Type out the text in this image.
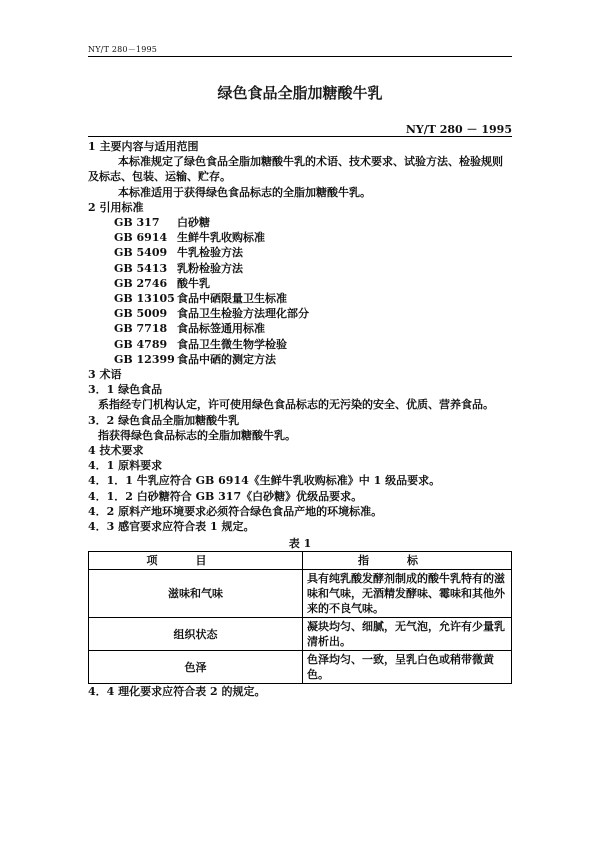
NY/T 280－1995
绿色食品全脂加糖酸牛乳
NY/T 280 － 1995
1 主要内容与适用范围
本标准规定了绿色食品全脂加糖酸牛乳的术语、技术要求、试验方法、检验规则及标志、包装、运输、贮存。
本标准适用于获得绿色食品标志的全脂加糖酸牛乳。
2 引用标准
GB 317	白砂糖
GB 6914 生鲜牛乳收购标准
GB 5409 牛乳检验方法
GB 5413 乳粉检验方法
GB 2746 酸牛乳
GB 13105 食品中硒限量卫生标准
GB 5009 食品卫生检验方法理化部分
GB 7718 食品标签通用标准
GB 4789 食品卫生微生物学检验
GB 12399 食品中硒的测定方法
3 术语
3．1 绿色食品
系指经专门机构认定，许可使用绿色食品标志的无污染的安全、优质、营养食品。
3．2 绿色食品全脂加糖酸牛乳
指获得绿色食品标志的全脂加糖酸牛乳。
4 技术要求
4．1 原料要求
4．1．1 牛乳应符合 GB 6914《生鲜牛乳收购标准》中 1 级品要求。
4．1．2 白砂糖符合 GB 317《白砂糖》优级品要求。
4．2 原料产地环境要求必须符合绿色食品产地的环境标准。
4．3 感官要求应符合表 1 规定。
表 1
项目	指标
滋味和气味	具有纯乳酸发酵剂制成的酸牛乳特有的滋味和气味，无酒精发酵味、霉味和其他外来的不良气味。
组织状态	凝块均匀、细腻，无气泡，允许有少量乳清析出。
色泽	色泽均匀、一致，呈乳白色或稍带微黄色。
4．4 理化要求应符合表 2 的规定。
